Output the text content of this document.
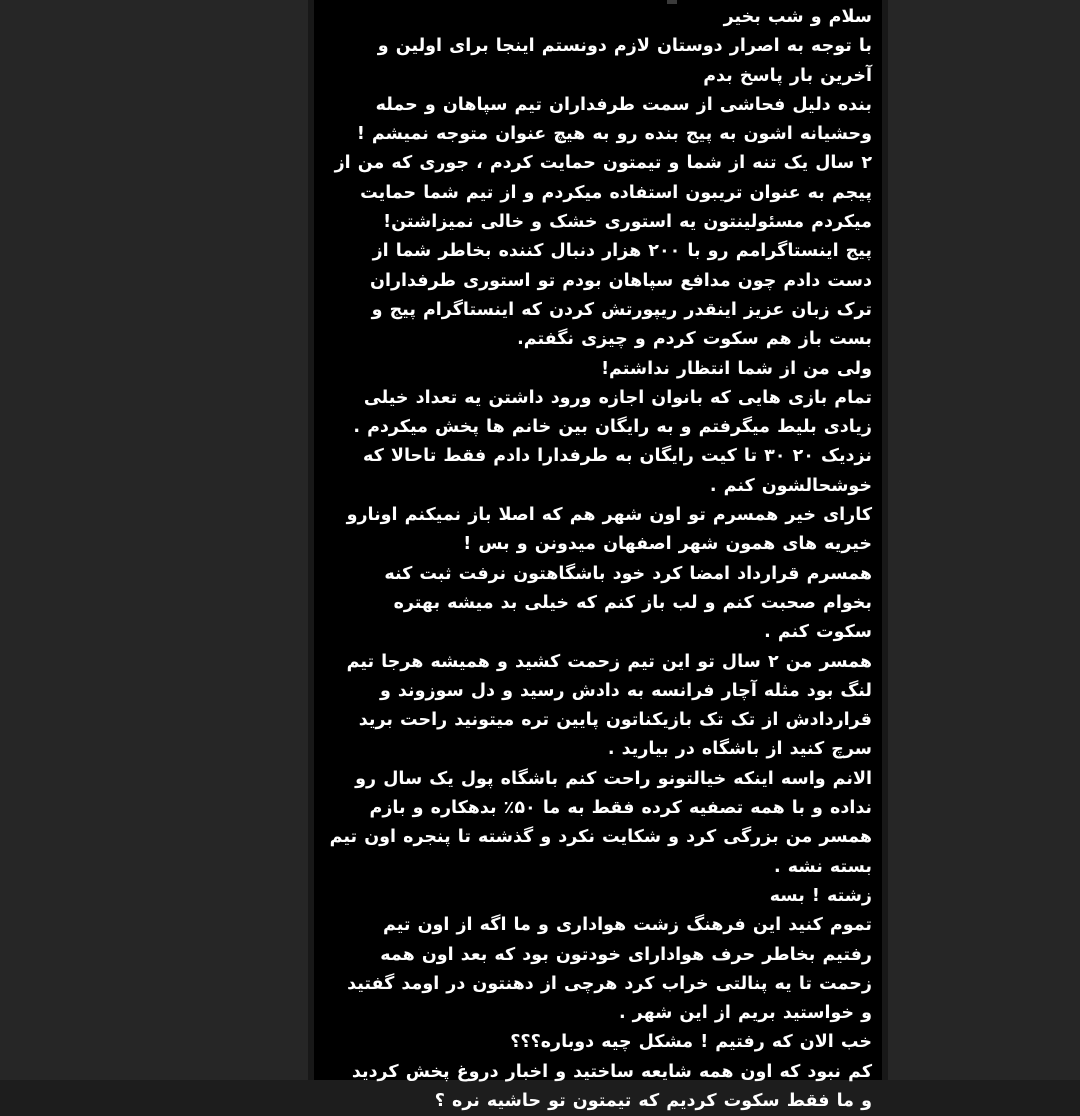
سلام و شب بخیر
با توجه به اصرار دوستان لازم دونستم اینجا برای اولین و
آخرین بار پاسخ بدم
بنده دلیل فحاشی از سمت طرفداران تیم سپاهان و حمله
وحشیانه اشون به پیج بنده رو به هیچ عنوان متوجه نمیشم !
۲ سال یک تنه از شما و تیمتون حمایت کردم ، جوری که من از
پیجم به عنوان تریبون استفاده میکردم و از تیم شما حمایت
میکردم مسئولینتون یه استوری خشک و خالی نمیزاشتن!
پیج اینستاگرامم رو با ۲۰۰ هزار دنبال کننده بخاطر شما از
دست دادم چون مدافع سپاهان بودم تو استوری طرفداران
ترک زبان عزیز اینقدر ریپورتش کردن که اینستاگرام پیج و
بست باز هم سکوت کردم و چیزی نگفتم.
ولی من از شما انتظار نداشتم!
تمام بازی هایی که بانوان اجازه ورود داشتن یه تعداد خیلی
زیادی بلیط میگرفتم و به رایگان بین خانم ها پخش میکردم .
نزدیک ۲۰ ۳۰ تا کیت رایگان به طرفدارا دادم فقط تاحالا که
خوشحالشون کنم .
کارای خیر همسرم تو اون شهر هم که اصلا باز نمیکنم اونارو
خیریه های همون شهر اصفهان میدونن و بس !
همسرم قرارداد امضا کرد خود باشگاهتون نرفت ثبت کنه
بخوام صحبت کنم و لب باز کنم که خیلی بد میشه بهتره
سکوت کنم .
همسر من ۲ سال تو این تیم زحمت کشید و همیشه هرجا تیم
لنگ بود مثله آچار فرانسه به دادش رسید و دل سوزوند و
قراردادش از تک تک بازیکناتون پایین تره میتونید راحت برید
سرچ کنید از باشگاه در بیارید .
الانم واسه اینکه خیالتونو راحت کنم باشگاه پول یک سال رو
نداده و با همه تصفیه کرده فقط به ما ۵۰٪ بدهکاره و بازم
همسر من بزرگی کرد و شکایت نکرد و گذشته تا پنجره اون تیم
بسته نشه .
زشته ! بسه
تموم کنید این فرهنگ زشت هواداری و ما اگه از اون تیم
رفتیم بخاطر حرف هوادارای خودتون بود که بعد اون همه
زحمت تا یه پنالتی خراب کرد هرچی از دهنتون در اومد گفتید
و خواستید بریم از این شهر .
خب الان که رفتیم ! مشکل چیه دوباره؟؟؟
کم نبود که اون همه شایعه ساختید و اخبار دروغ پخش کردید
و ما فقط سکوت کردیم که تیمتون تو حاشیه نره ؟
